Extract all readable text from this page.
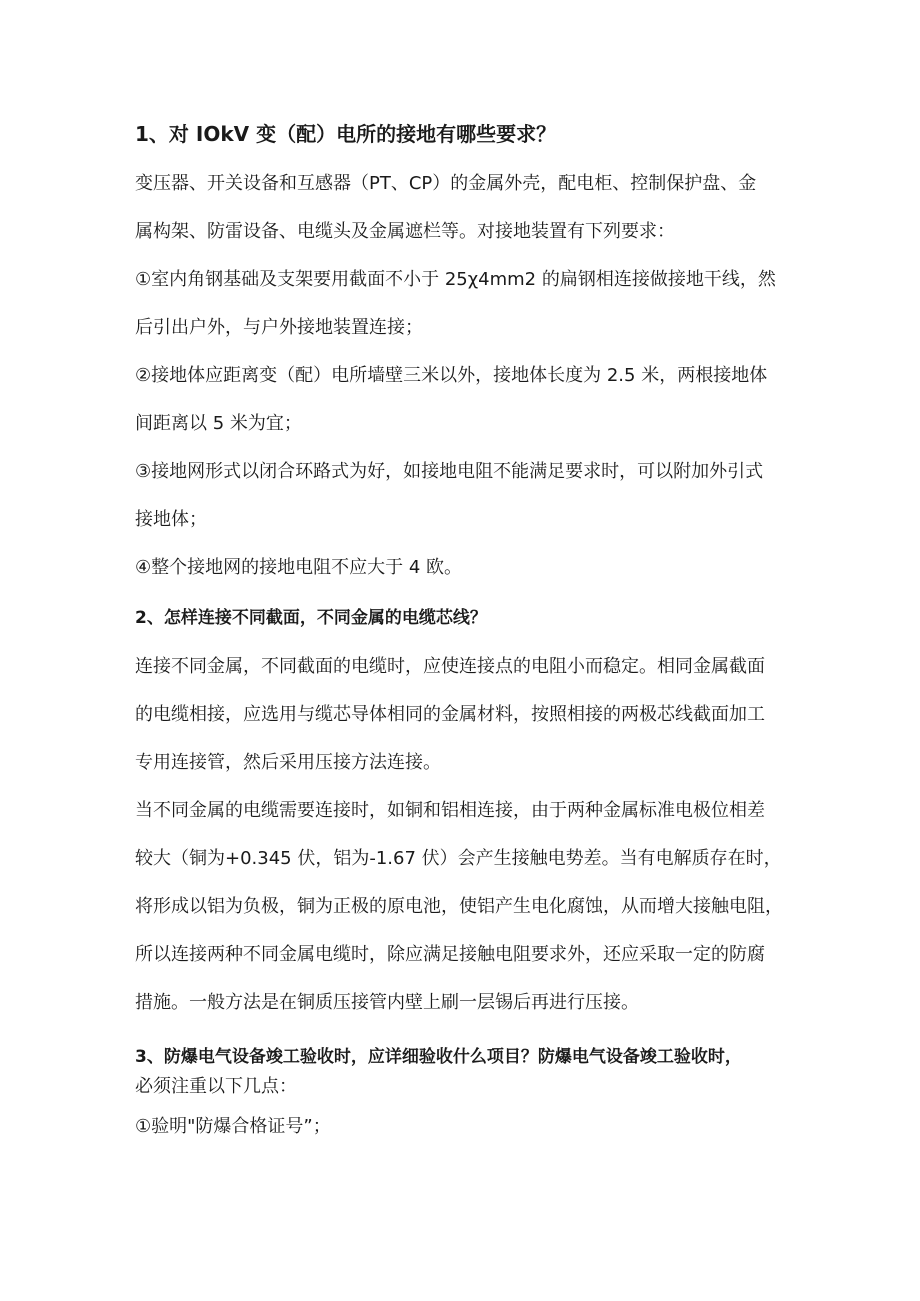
1、对 IOkV 变（配）电所的接地有哪些要求？
变压器、开关设备和互感器（PT、CP）的金属外壳，配电柜、控制保护盘、金
属构架、防雷设备、电缆头及金属遮栏等。对接地装置有下列要求：
①室内角钢基础及支架要用截面不小于 25χ4mm2 的扁钢相连接做接地干线，然
后引出户外，与户外接地装置连接；
②接地体应距离变（配）电所墙壁三米以外，接地体长度为 2.5 米，两根接地体
间距离以 5 米为宜；
③接地网形式以闭合环路式为好，如接地电阻不能满足要求时，可以附加外引式
接地体；
④整个接地网的接地电阻不应大于 4 欧。
2、怎样连接不同截面，不同金属的电缆芯线？
连接不同金属，不同截面的电缆时，应使连接点的电阻小而稳定。相同金属截面
的电缆相接，应选用与缆芯导体相同的金属材料，按照相接的两极芯线截面加工
专用连接管，然后采用压接方法连接。
当不同金属的电缆需要连接时，如铜和铝相连接，由于两种金属标准电极位相差
较大（铜为+0.345 伏，铝为-1.67 伏）会产生接触电势差。当有电解质存在时，
将形成以铝为负极，铜为正极的原电池，使铝产生电化腐蚀，从而增大接触电阻，
所以连接两种不同金属电缆时，除应满足接触电阻要求外，还应采取一定的防腐
措施。一般方法是在铜质压接管内壁上刷一层锡后再进行压接。
3、防爆电气设备竣工验收时，应详细验收什么项目？防爆电气设备竣工验收时，
必须注重以下几点：
①验明"防爆合格证号”；
